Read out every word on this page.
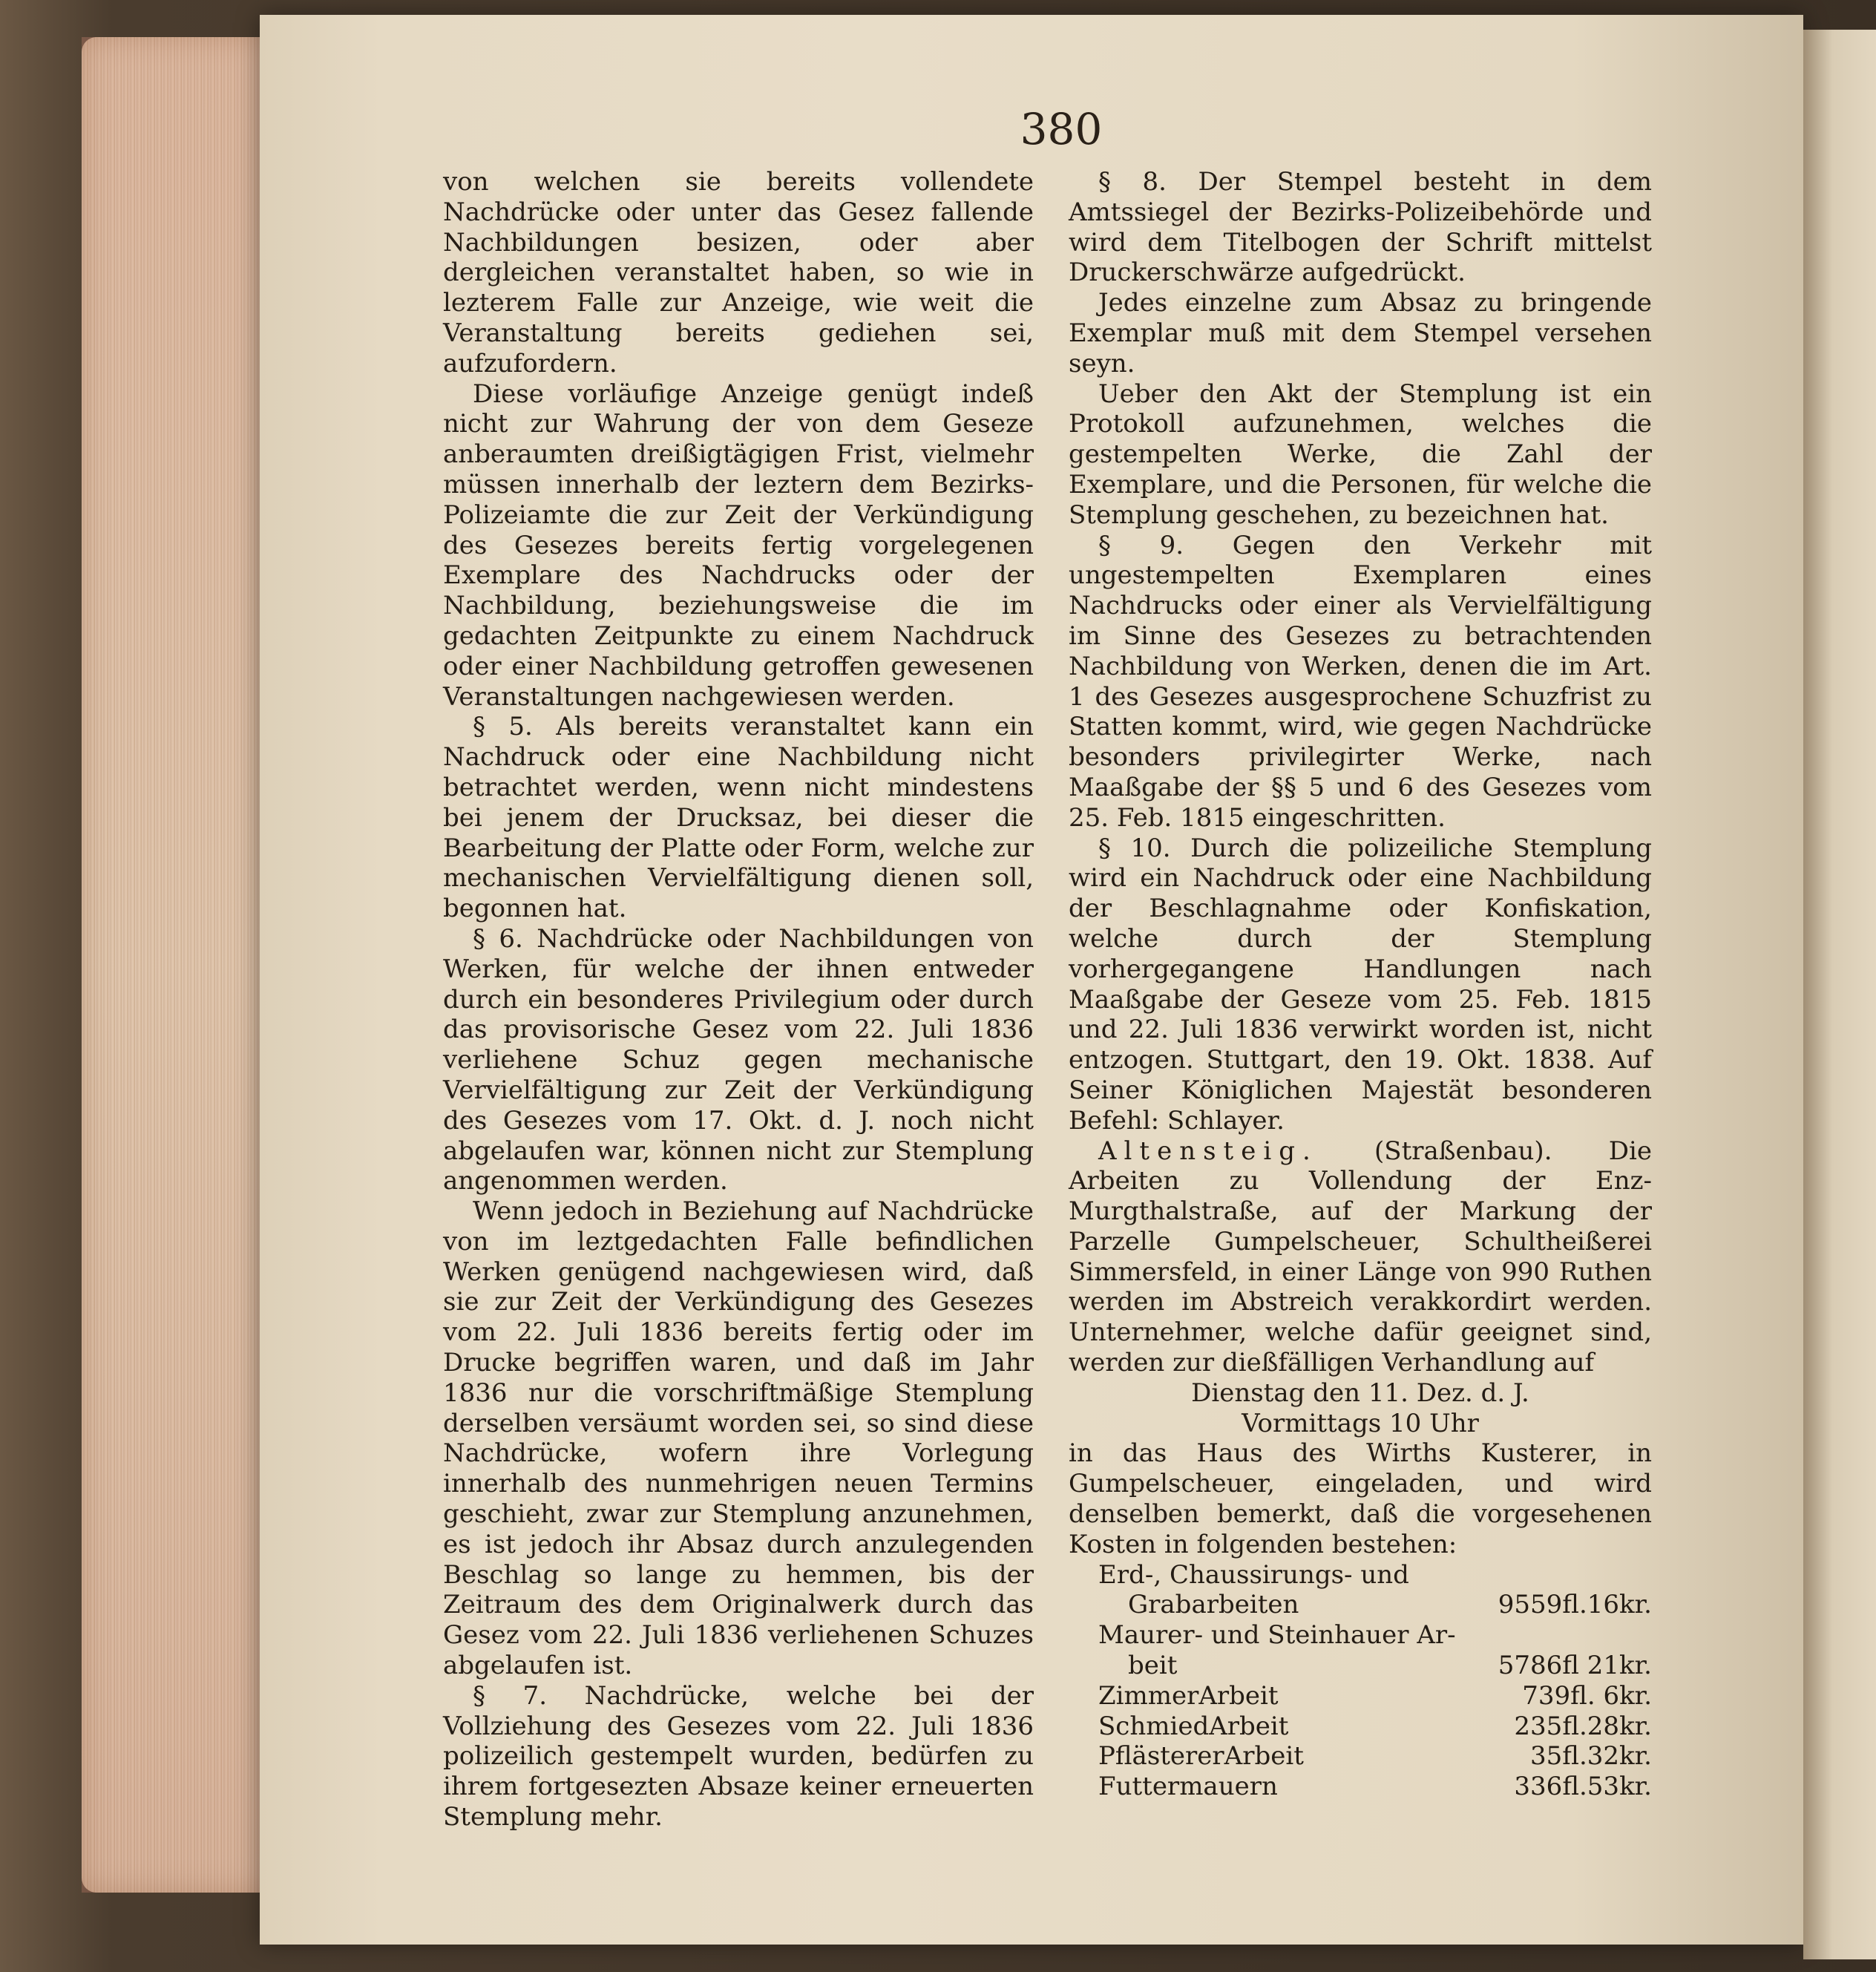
380

von welchen sie bereits vollendete Nachdrücke oder unter das Gesez fallende Nachbildungen besizen, oder aber dergleichen veranstaltet haben, so wie in lezterem Falle zur Anzeige, wie weit die Veranstaltung bereits gediehen sei, aufzufordern.

Diese vorläufige Anzeige genügt indeß nicht zur Wahrung der von dem Geseze anberaumten dreißigtägigen Frist, vielmehr müssen innerhalb der leztern dem Bezirks-Polizeiamte die zur Zeit der Verkündigung des Gesezes bereits fertig vorgelegenen Exemplare des Nachdrucks oder der Nachbildung, beziehungsweise die im gedachten Zeitpunkte zu einem Nachdruck oder einer Nachbildung getroffen gewesenen Veranstaltungen nachgewiesen werden.

§ 5. Als bereits veranstaltet kann ein Nachdruck oder eine Nachbildung nicht betrachtet werden, wenn nicht mindestens bei jenem der Drucksaz, bei dieser die Bearbeitung der Platte oder Form, welche zur mechanischen Vervielfältigung dienen soll, begonnen hat.

§ 6. Nachdrücke oder Nachbildungen von Werken, für welche der ihnen entweder durch ein besonderes Privilegium oder durch das provisorische Gesez vom 22. Juli 1836 verliehene Schuz gegen mechanische Vervielfältigung zur Zeit der Verkündigung des Gesezes vom 17. Okt. d. J. noch nicht abgelaufen war, können nicht zur Stemplung angenommen werden.

Wenn jedoch in Beziehung auf Nachdrücke von im leztgedachten Falle befindlichen Werken genügend nachgewiesen wird, daß sie zur Zeit der Verkündigung des Gesezes vom 22. Juli 1836 bereits fertig oder im Drucke begriffen waren, und daß im Jahr 1836 nur die vorschriftmäßige Stemplung derselben versäumt worden sei, so sind diese Nachdrücke, wofern ihre Vorlegung innerhalb des nunmehrigen neuen Termins geschieht, zwar zur Stemplung anzunehmen, es ist jedoch ihr Absaz durch anzulegenden Beschlag so lange zu hemmen, bis der Zeitraum des dem Originalwerk durch das Gesez vom 22. Juli 1836 verliehenen Schuzes abgelaufen ist.

§ 7. Nachdrücke, welche bei der Vollziehung des Gesezes vom 22. Juli 1836 polizeilich gestempelt wurden, bedürfen zu ihrem fortgesezten Absaze keiner erneuerten Stemplung mehr.

§ 8. Der Stempel besteht in dem Amtssiegel der Bezirks-Polizeibehörde und wird dem Titelbogen der Schrift mittelst Druckerschwärze aufgedrückt.

Jedes einzelne zum Absaz zu bringende Exemplar muß mit dem Stempel versehen seyn.

Ueber den Akt der Stemplung ist ein Protokoll aufzunehmen, welches die gestempelten Werke, die Zahl der Exemplare, und die Personen, für welche die Stemplung geschehen, zu bezeichnen hat.

§ 9. Gegen den Verkehr mit ungestempelten Exemplaren eines Nachdrucks oder einer als Vervielfältigung im Sinne des Gesezes zu betrachtenden Nachbildung von Werken, denen die im Art. 1 des Gesezes ausgesprochene Schuzfrist zu Statten kommt, wird, wie gegen Nachdrücke besonders privilegirter Werke, nach Maaßgabe der §§ 5 und 6 des Gesezes vom 25. Feb. 1815 eingeschritten.

§ 10. Durch die polizeiliche Stemplung wird ein Nachdruck oder eine Nachbildung der Beschlagnahme oder Konfiskation, welche durch der Stemplung vorhergegangene Handlungen nach Maaßgabe der Geseze vom 25. Feb. 1815 und 22. Juli 1836 verwirkt worden ist, nicht entzogen. Stuttgart, den 19. Okt. 1838. Auf Seiner Königlichen Majestät besonderen Befehl: Schlayer.

Altensteig. (Straßenbau). Die Arbeiten zu Vollendung der Enz-Murgthalstraße, auf der Markung der Parzelle Gumpelscheuer, Schultheißerei Simmersfeld, in einer Länge von 990 Ruthen werden im Abstreich verakkordirt werden. Unternehmer, welche dafür geeignet sind, werden zur dießfälligen Verhandlung auf

Dienstag den 11. Dez. d. J.

Vormittags 10 Uhr

in das Haus des Wirths Kusterer, in Gumpelscheuer, eingeladen, und wird denselben bemerkt, daß die vorgesehenen Kosten in folgenden bestehen:

Erd-, Chaussirungs- und
Grabarbeiten	9559fl.16kr.
Maurer- und Steinhauer Ar-
beit	5786fl 21kr.
ZimmerArbeit	739fl. 6kr.
SchmiedArbeit	235fl.28kr.
PflästererArbeit	35fl.32kr.
Futtermauern	336fl.53kr.
